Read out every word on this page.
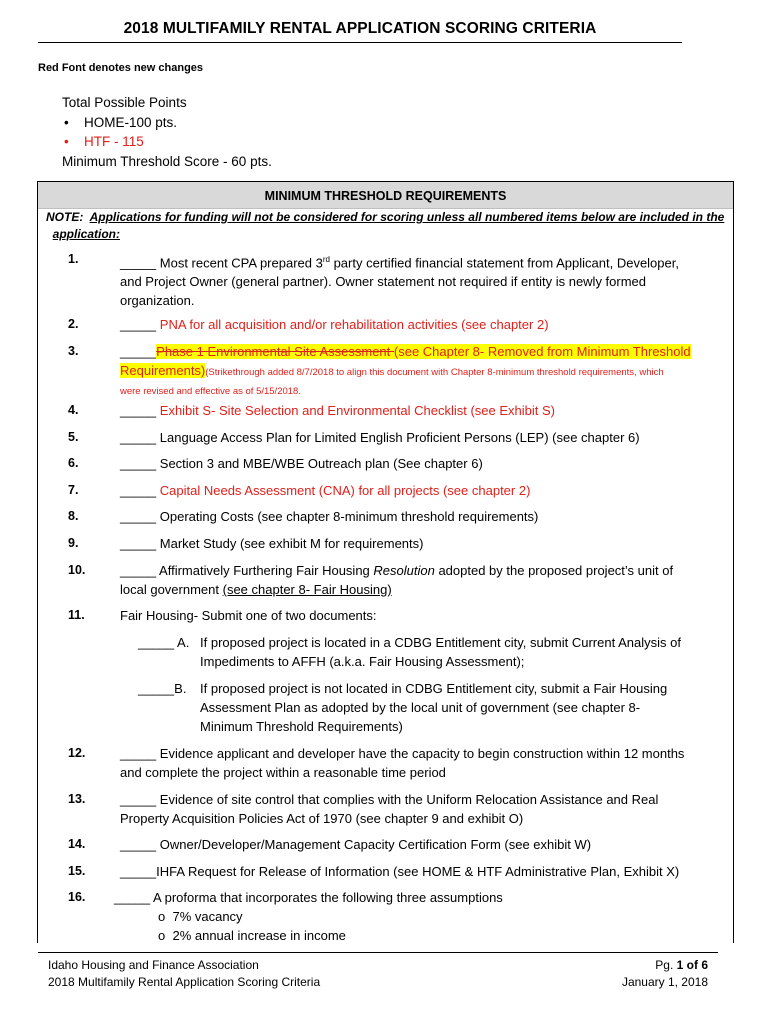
2018 MULTIFAMILY RENTAL APPLICATION SCORING CRITERIA
Red Font denotes new changes
Total Possible Points
• HOME-100 pts.
• HTF - 115
Minimum Threshold Score - 60 pts.
MINIMUM THRESHOLD REQUIREMENTS
NOTE: Applications for funding will not be considered for scoring unless all numbered items below are included in the
application:
1.	_____ Most recent CPA prepared 3rd party certified financial statement from Applicant, Developer,
and Project Owner (general partner). Owner statement not required if entity is newly formed
organization.
2.	_____ PNA for all acquisition and/or rehabilitation activities (see chapter 2)
3.	_____Phase 1 Environmental Site Assessment (see Chapter 8- Removed from Minimum Threshold
Requirements)(Strikethrough added 8/7/2018 to align this document with Chapter 8-minimum threshold requirements, which
were revised and effective as of 5/15/2018.
4.	_____ Exhibit S- Site Selection and Environmental Checklist (see Exhibit S)
5.	_____ Language Access Plan for Limited English Proficient Persons (LEP) (see chapter 6)
6.	_____ Section 3 and MBE/WBE Outreach plan (See chapter 6)
7.	_____ Capital Needs Assessment (CNA) for all projects (see chapter 2)
8.	_____ Operating Costs (see chapter 8-minimum threshold requirements)
9.	_____ Market Study (see exhibit M for requirements)
10.	_____ Affirmatively Furthering Fair Housing Resolution adopted by the proposed project’s unit of
local government (see chapter 8- Fair Housing)
11.	Fair Housing- Submit one of two documents:
_____ A. If proposed project is located in a CDBG Entitlement city, submit Current Analysis of
Impediments to AFFH (a.k.a. Fair Housing Assessment);
_____B. If proposed project is not located in CDBG Entitlement city, submit a Fair Housing
Assessment Plan as adopted by the local unit of government (see chapter 8-
Minimum Threshold Requirements)
12.	_____ Evidence applicant and developer have the capacity to begin construction within 12 months
and complete the project within a reasonable time period
13.	_____ Evidence of site control that complies with the Uniform Relocation Assistance and Real
Property Acquisition Policies Act of 1970 (see chapter 9 and exhibit O)
14.	_____ Owner/Developer/Management Capacity Certification Form (see exhibit W)
15.	_____IHFA Request for Release of Information (see HOME & HTF Administrative Plan, Exhibit X)
16. _____ A proforma that incorporates the following three assumptions
o 7% vacancy
o 2% annual increase in income
Idaho Housing and Finance Association
2018 Multifamily Rental Application Scoring Criteria
Pg. 1 of 6
January 1, 2018
